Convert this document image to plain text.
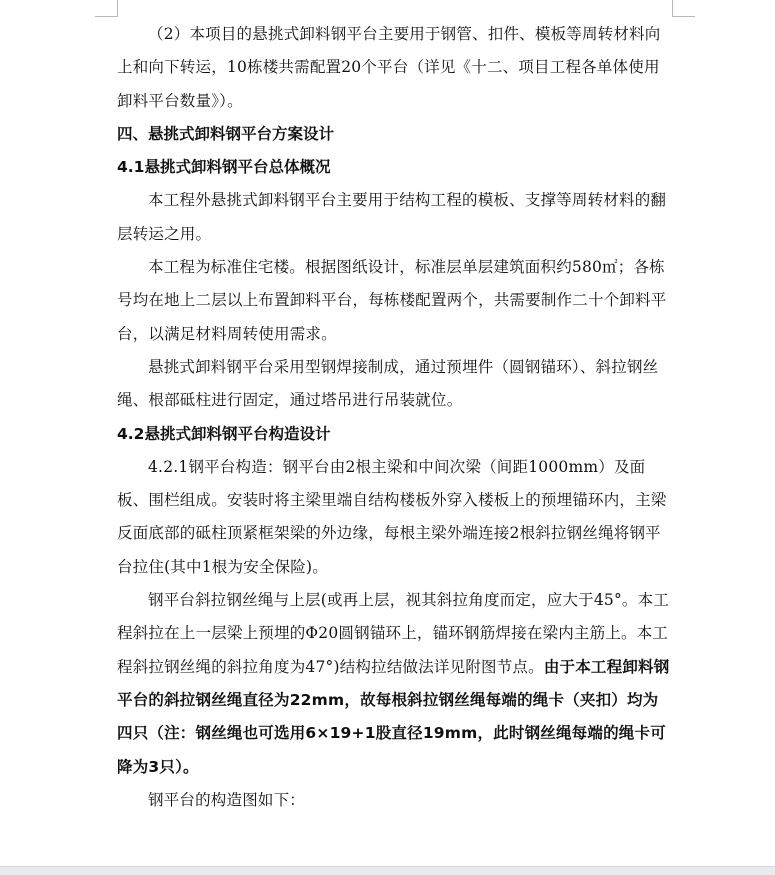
（2）本项目的悬挑式卸料钢平台主要用于钢管、扣件、模板等周转材料向上和向下转运，10栋楼共需配置20个平台（详见《十二、项目工程各单体使用卸料平台数量》）。

四、悬挑式卸料钢平台方案设计

4.1悬挑式卸料钢平台总体概况

本工程外悬挑式卸料钢平台主要用于结构工程的模板、支撑等周转材料的翻层转运之用。

本工程为标准住宅楼。根据图纸设计，标准层单层建筑面积约580㎡；各栋号均在地上二层以上布置卸料平台，每栋楼配置两个，共需要制作二十个卸料平台，以满足材料周转使用需求。

悬挑式卸料钢平台采用型钢焊接制成，通过预埋件（圆钢锚环）、斜拉钢丝绳、根部砥柱进行固定，通过塔吊进行吊装就位。

4.2悬挑式卸料钢平台构造设计

4.2.1钢平台构造：钢平台由2根主梁和中间次梁（间距1000mm）及面板、围栏组成。安装时将主梁里端自结构楼板外穿入楼板上的预埋锚环内，主梁反面底部的砥柱顶紧框架梁的外边缘，每根主梁外端连接2根斜拉钢丝绳将钢平台拉住(其中1根为安全保险)。

钢平台斜拉钢丝绳与上层(或再上层，视其斜拉角度而定，应大于45°。本工程斜拉在上一层梁上预埋的Φ20圆钢锚环上，锚环钢筋焊接在梁内主筋上。本工程斜拉钢丝绳的斜拉角度为47°)结构拉结做法详见附图节点。由于本工程卸料钢平台的斜拉钢丝绳直径为22mm，故每根斜拉钢丝绳每端的绳卡（夹扣）均为四只（注：钢丝绳也可选用6×19+1股直径19mm，此时钢丝绳每端的绳卡可降为3只）。

钢平台的构造图如下：
